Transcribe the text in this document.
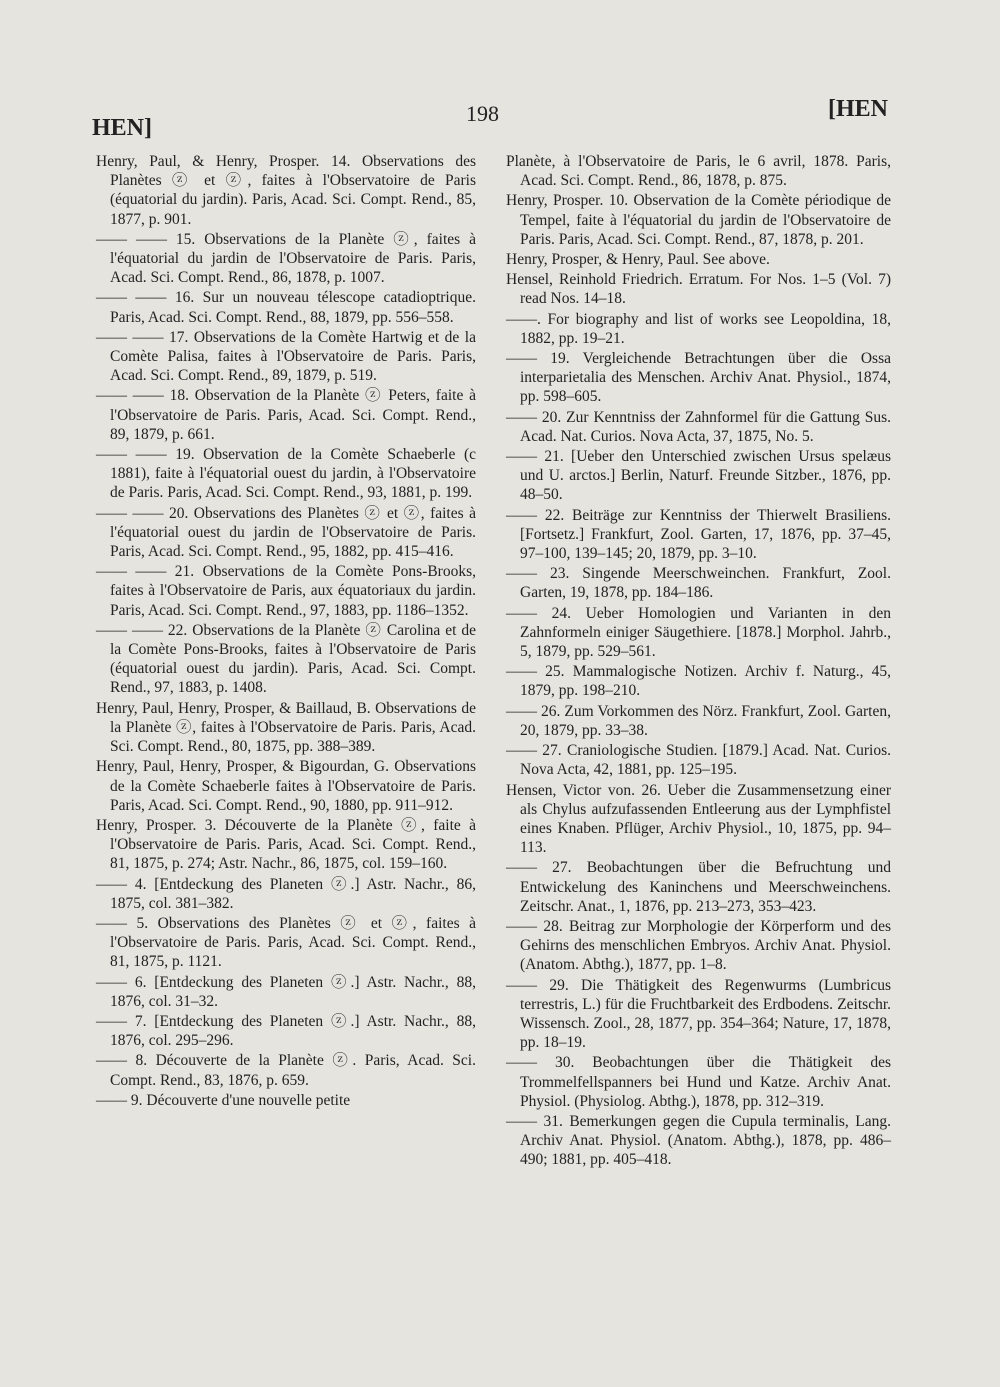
HEN]
198	[HEN

Henry, Paul, & Henry, Prosper. 14. Observations des Planètes ⓩ et ⓩ, faites à l'Observatoire de Paris (équatorial du jardin). Paris, Acad. Sci. Compt. Rend., 85, 1877, p. 901.

—— —— 15. Observations de la Planète ⓩ, faites à l'équatorial du jardin de l'Observatoire de Paris. Paris, Acad. Sci. Compt. Rend., 86, 1878, p. 1007.

—— —— 16. Sur un nouveau télescope catadioptrique. Paris, Acad. Sci. Compt. Rend., 88, 1879, pp. 556–558.

—— —— 17. Observations de la Comète Hartwig et de la Comète Palisa, faites à l'Observatoire de Paris. Paris, Acad. Sci. Compt. Rend., 89, 1879, p. 519.

—— —— 18. Observation de la Planète ⓩ Peters, faite à l'Observatoire de Paris. Paris, Acad. Sci. Compt. Rend., 89, 1879, p. 661.

—— —— 19. Observation de la Comète Schaeberle (c 1881), faite à l'équatorial ouest du jardin, à l'Observatoire de Paris. Paris, Acad. Sci. Compt. Rend., 93, 1881, p. 199.

—— —— 20. Observations des Planètes ⓩ et ⓩ, faites à l'équatorial ouest du jardin de l'Observatoire de Paris. Paris, Acad. Sci. Compt. Rend., 95, 1882, pp. 415–416.

—— —— 21. Observations de la Comète Pons-Brooks, faites à l'Observatoire de Paris, aux équatoriaux du jardin. Paris, Acad. Sci. Compt. Rend., 97, 1883, pp. 1186–1352.

—— —— 22. Observations de la Planète ⓩ Carolina et de la Comète Pons-Brooks, faites à l'Observatoire de Paris (équatorial ouest du jardin). Paris, Acad. Sci. Compt. Rend., 97, 1883, p. 1408.

Henry, Paul, Henry, Prosper, & Baillaud, B. Observations de la Planète ⓩ, faites à l'Observatoire de Paris. Paris, Acad. Sci. Compt. Rend., 80, 1875, pp. 388–389.

Henry, Paul, Henry, Prosper, & Bigourdan, G. Observations de la Comète Schaeberle faites à l'Observatoire de Paris. Paris, Acad. Sci. Compt. Rend., 90, 1880, pp. 911–912.

Henry, Prosper. 3. Découverte de la Planète ⓩ, faite à l'Observatoire de Paris. Paris, Acad. Sci. Compt. Rend., 81, 1875, p. 274; Astr. Nachr., 86, 1875, col. 159–160.

—— 4. [Entdeckung des Planeten ⓩ.] Astr. Nachr., 86, 1875, col. 381–382.

—— 5. Observations des Planètes ⓩ et ⓩ, faites à l'Observatoire de Paris. Paris, Acad. Sci. Compt. Rend., 81, 1875, p. 1121.

—— 6. [Entdeckung des Planeten ⓩ.] Astr. Nachr., 88, 1876, col. 31–32.

—— 7. [Entdeckung des Planeten ⓩ.] Astr. Nachr., 88, 1876, col. 295–296.

—— 8. Découverte de la Planète ⓩ. Paris, Acad. Sci. Compt. Rend., 83, 1876, p. 659.

—— 9. Découverte d'une nouvelle petite

Planète, à l'Observatoire de Paris, le 6 avril, 1878. Paris, Acad. Sci. Compt. Rend., 86, 1878, p. 875.

Henry, Prosper. 10. Observation de la Comète périodique de Tempel, faite à l'équatorial du jardin de l'Observatoire de Paris. Paris, Acad. Sci. Compt. Rend., 87, 1878, p. 201.

Henry, Prosper, & Henry, Paul. See above.

Hensel, Reinhold Friedrich. Erratum. For Nos. 1–5 (Vol. 7) read Nos. 14–18.

——. For biography and list of works see Leopoldina, 18, 1882, pp. 19–21.

—— 19. Vergleichende Betrachtungen über die Ossa interparietalia des Menschen. Archiv Anat. Physiol., 1874, pp. 598–605.

—— 20. Zur Kenntniss der Zahnformel für die Gattung Sus. Acad. Nat. Curios. Nova Acta, 37, 1875, No. 5.

—— 21. [Ueber den Unterschied zwischen Ursus spelæus und U. arctos.] Berlin, Naturf. Freunde Sitzber., 1876, pp. 48–50.

—— 22. Beiträge zur Kenntniss der Thierwelt Brasiliens. [Fortsetz.] Frankfurt, Zool. Garten, 17, 1876, pp. 37–45, 97–100, 139–145; 20, 1879, pp. 3–10.

—— 23. Singende Meerschweinchen. Frankfurt, Zool. Garten, 19, 1878, pp. 184–186.

—— 24. Ueber Homologien und Varianten in den Zahnformeln einiger Säugethiere. [1878.] Morphol. Jahrb., 5, 1879, pp. 529–561.

—— 25. Mammalogische Notizen. Archiv f. Naturg., 45, 1879, pp. 198–210.

—— 26. Zum Vorkommen des Nörz. Frankfurt, Zool. Garten, 20, 1879, pp. 33–38.

—— 27. Craniologische Studien. [1879.] Acad. Nat. Curios. Nova Acta, 42, 1881, pp. 125–195.

Hensen, Victor von. 26. Ueber die Zusammensetzung einer als Chylus aufzufassenden Entleerung aus der Lymphfistel eines Knaben. Pflüger, Archiv Physiol., 10, 1875, pp. 94–113.

—— 27. Beobachtungen über die Befruchtung und Entwickelung des Kaninchens und Meerschweinchens. Zeitschr. Anat., 1, 1876, pp. 213–273, 353–423.

—— 28. Beitrag zur Morphologie der Körperform und des Gehirns des menschlichen Embryos. Archiv Anat. Physiol. (Anatom. Abthg.), 1877, pp. 1–8.

—— 29. Die Thätigkeit des Regenwurms (Lumbricus terrestris, L.) für die Fruchtbarkeit des Erdbodens. Zeitschr. Wissensch. Zool., 28, 1877, pp. 354–364; Nature, 17, 1878, pp. 18–19.

—— 30. Beobachtungen über die Thätigkeit des Trommelfellspanners bei Hund und Katze. Archiv Anat. Physiol. (Physiolog. Abthg.), 1878, pp. 312–319.

—— 31. Bemerkungen gegen die Cupula terminalis, Lang. Archiv Anat. Physiol. (Anatom. Abthg.), 1878, pp. 486–490; 1881, pp. 405–418.
